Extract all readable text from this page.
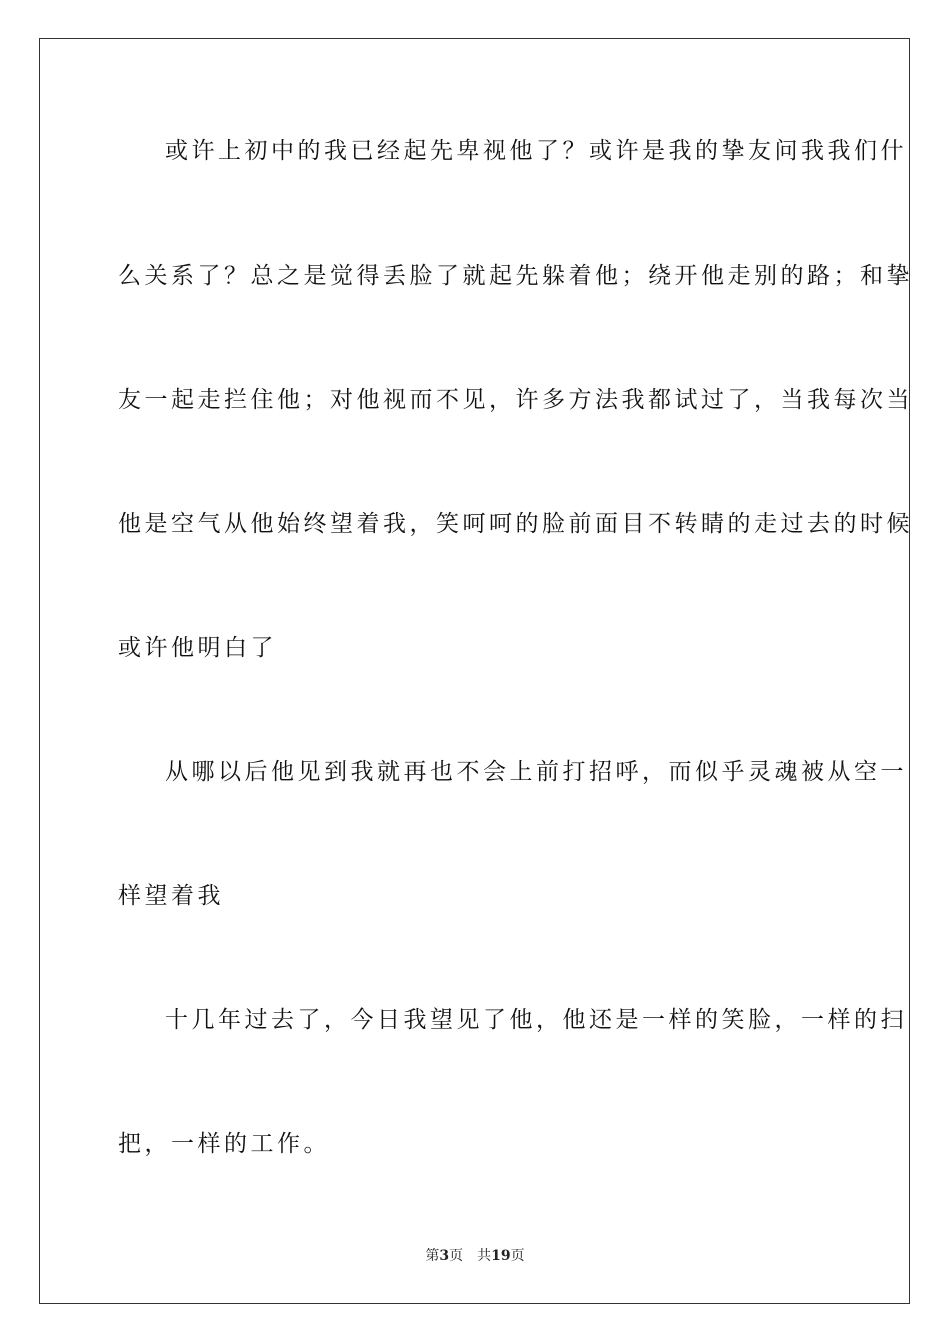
或许上初中的我已经起先卑视他了？或许是我的挚友问我我们什
么关系了？总之是觉得丢脸了就起先躲着他；绕开他走别的路；和挚
友一起走拦住他；对他视而不见，许多方法我都试过了，当我每次当
他是空气从他始终望着我，笑呵呵的脸前面目不转睛的走过去的时候
或许他明白了
从哪以后他见到我就再也不会上前打招呼，而似乎灵魂被从空一
样望着我
十几年过去了，今日我望见了他，他还是一样的笑脸，一样的扫
把，一样的工作。
第3页 共19页
